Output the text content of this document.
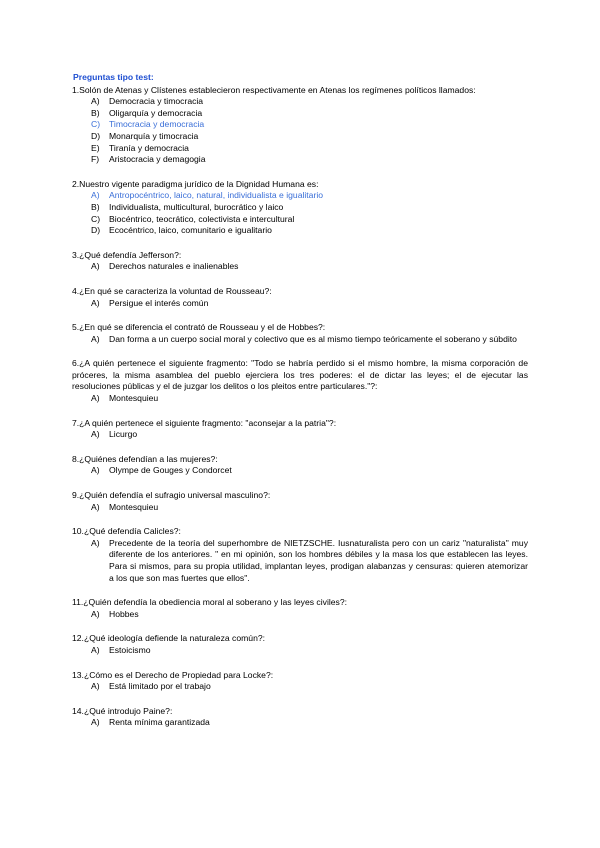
Preguntas tipo test:
1.Solón de Atenas y Clístenes establecieron respectivamente en Atenas los regímenes políticos llamados:
A) Democracia y timocracia
B) Oligarquía y democracia
C) Timocracia y democracia
D) Monarquía y timocracia
E) Tiranía y democracia
F) Aristocracia y demagogia
2.Nuestro vigente paradigma jurídico de la Dignidad Humana es:
A) Antropocéntrico, laico, natural, individualista e igualitario
B) Individualista, multicultural, burocrático y laico
C) Biocéntrico, teocrático, colectivista e intercultural
D) Ecocéntrico, laico, comunitario e igualitario
3.¿Qué defendía Jefferson?:
A) Derechos naturales e inalienables
4.¿En qué se caracteriza la voluntad de Rousseau?:
A) Persigue el interés común
5.¿En qué se diferencia el contrató de Rousseau y el de Hobbes?:
A) Dan forma a un cuerpo social moral y colectivo que es al mismo tiempo teóricamente el soberano y súbdito
6.¿A quién pertenece el siguiente fragmento: "Todo se habría perdido si el mismo hombre, la misma corporación de próceres, la misma asamblea del pueblo ejerciera los tres poderes: el de dictar las leyes; el de ejecutar las resoluciones públicas y el de juzgar los delitos o los pleitos entre particulares."?:
A) Montesquieu
7.¿A quién pertenece el siguiente fragmento: "aconsejar a la patria"?:
A) Licurgo
8.¿Quiénes defendían a las mujeres?:
A) Olympe de Gouges y Condorcet
9.¿Quién defendía el sufragio universal masculino?:
A) Montesquieu
10.¿Qué defendía Calicles?:
A) Precedente de la teoría del superhombre de NIETZSCHE. Iusnaturalista pero con un cariz "naturalista" muy diferente de los anteriores. " en mi opinión, son los hombres débiles y la masa los que establecen las leyes. Para si mismos, para su propia utilidad, implantan leyes, prodigan alabanzas y censuras: quieren atemorizar a los que son mas fuertes que ellos".
11.¿Quién defendía la obediencia moral al soberano y las leyes civiles?:
A) Hobbes
12.¿Qué ideología defiende la naturaleza común?:
A) Estoicismo
13.¿Cómo es el Derecho de Propiedad para Locke?:
A) Está limitado por el trabajo
14.¿Qué introdujo Paine?:
A) Renta mínima garantizada
